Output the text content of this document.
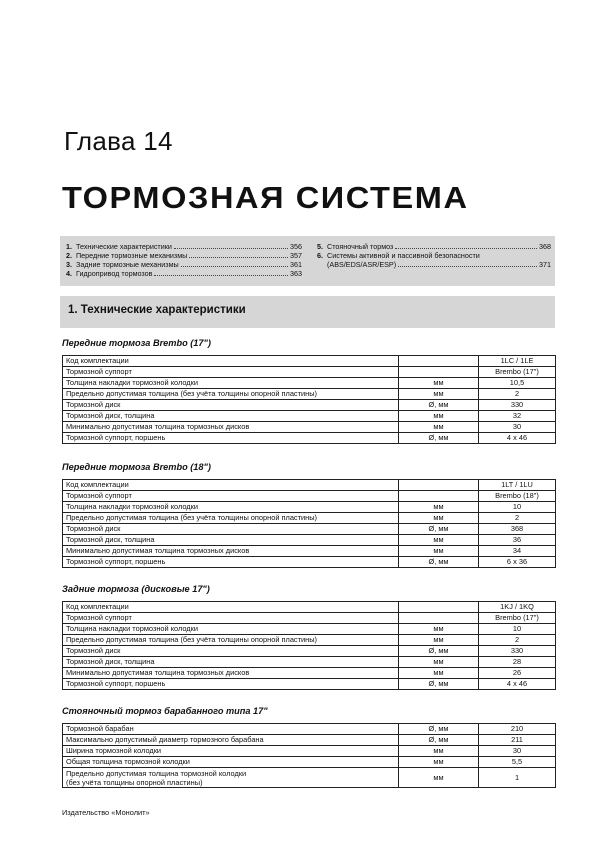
Глава 14
ТОРМОЗНАЯ СИСТЕМА
1. Технические характеристики	356
2. Передние тормозные механизмы	357
3. Задние тормозные механизмы	361
4. Гидропривод тормозов	363
5. Стояночный тормоз	368
6. Системы активной и пассивной безопасности
(ABS/EDS/ASR/ESP)	371
1. Технические характеристики
Передние тормоза Brembo (17")
Код комплектации		1LC / 1LE
Тормозной суппорт		Brembo (17")
Толщина накладки тормозной колодки	мм	10,5
Предельно допустимая толщина (без учёта толщины опорной пластины)	мм	2
Тормозной диск	Ø, мм	330
Тормозной диск, толщина	мм	32
Минимально допустимая толщина тормозных дисков	мм	30
Тормозной суппорт, поршень	Ø, мм	4 x 46
Передние тормоза Brembo (18")
Код комплектации		1LT / 1LU
Тормозной суппорт		Brembo (18")
Толщина накладки тормозной колодки	мм	10
Предельно допустимая толщина (без учёта толщины опорной пластины)	мм	2
Тормозной диск	Ø, мм	368
Тормозной диск, толщина	мм	36
Минимально допустимая толщина тормозных дисков	мм	34
Тормозной суппорт, поршень	Ø, мм	6 x 36
Задние тормоза (дисковые 17")
Код комплектации		1KJ / 1KQ
Тормозной суппорт		Brembo (17")
Толщина накладки тормозной колодки	мм	10
Предельно допустимая толщина (без учёта толщины опорной пластины)	мм	2
Тормозной диск	Ø, мм	330
Тормозной диск, толщина	мм	28
Минимально допустимая толщина тормозных дисков	мм	26
Тормозной суппорт, поршень	Ø, мм	4 x 46
Стояночный тормоз барабанного типа 17"
Тормозной барабан	Ø, мм	210
Максимально допустимый диаметр тормозного барабана	Ø, мм	211
Ширина тормозной колодки	мм	30
Общая толщина тормозной колодки	мм	5,5

Предельно допустимая толщина тормозной колодки
(без учёта толщины опорной пластины)	мм	1
Издательство «Монолит»
